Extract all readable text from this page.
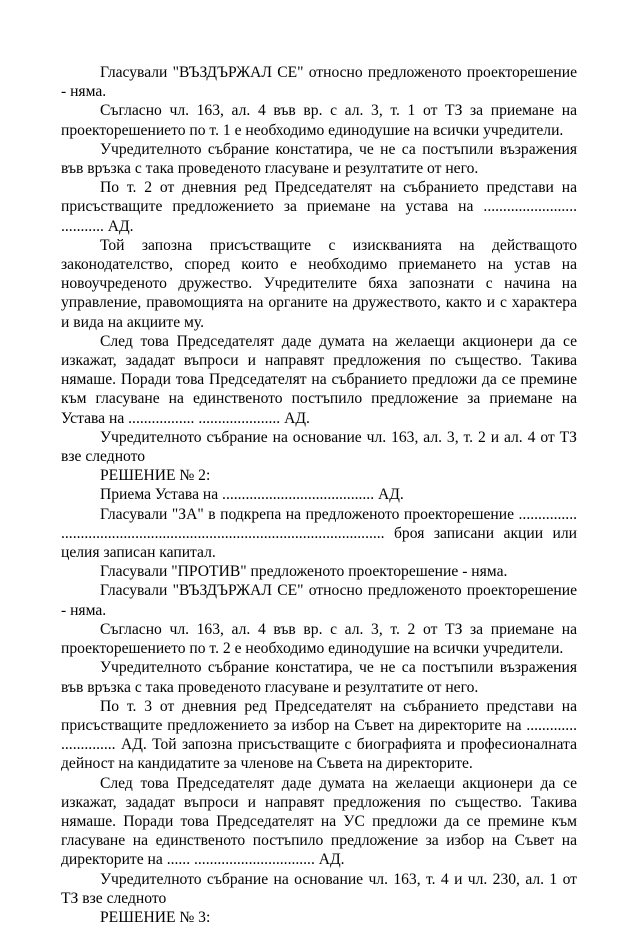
Гласували "ВЪЗДЪРЖАЛ СЕ" относно предложеното проекторешение - няма.

Съгласно чл. 163, ал. 4 във вр. с ал. 3, т. 1 от ТЗ за приемане на проекторешението по т. 1 е необходимо единодушие на всички учредители.

Учредителното събрание констатира, че не са постъпили възражения във връзка с така проведеното гласуване и резултатите от него.

По т. 2 от дневния ред Председателят на събранието представи на присъстващите предложението за приемане на устава на ........................ ........... АД.

Той запозна присъстващите с изискванията на действащото законодателство, според които е необходимо приемането на устав на новоучреденото дружество. Учредителите бяха запознати с начина на управление, правомощията на органите на дружеството, както и с характера и вида на акциите му.

След това Председателят даде думата на желаещи акционери да се изкажат, зададат въпроси и направят предложения по същество. Такива нямаше. Поради това Председателят на събранието предложи да се премине към гласуване на единственото постъпило предложение за приемане на Устава на ................. ..................... АД.

Учредителното събрание на основание чл. 163, ал. 3, т. 2 и ал. 4 от ТЗ взе следното

РЕШЕНИЕ № 2:

Приема Устава на ....................................... АД.

Гласували "ЗА" в подкрепа на предложеното проекторешение ............... ................................................................................... броя записани акции или целия записан капитал.

Гласували "ПРОТИВ" предложеното проекторешение - няма.

Гласували "ВЪЗДЪРЖАЛ СЕ" относно предложеното проекторешение - няма.

Съгласно чл. 163, ал. 4 във вр. с ал. 3, т. 2 от ТЗ за приемане на проекторешението по т. 2 е необходимо единодушие на всички учредители.

Учредителното събрание констатира, че не са постъпили възражения във връзка с така проведеното гласуване и резултатите от него.

По т. 3 от дневния ред Председателят на събранието представи на присъстващите предложението за избор на Съвет на директорите на ............. .............. АД. Той запозна присъстващите с биографията и професионалната дейност на кандидатите за членове на Съвета на директорите.

След това Председателят даде думата на желаещи акционери да се изкажат, зададат въпроси и направят предложения по същество. Такива нямаше. Поради това Председателят на УС предложи да се премине към гласуване на единственото постъпило предложение за избор на Съвет на директорите на ...... ............................... АД.

Учредителното събрание на основание чл. 163, т. 4 и чл. 230, ал. 1 от ТЗ взе следното

РЕШЕНИЕ № 3:
